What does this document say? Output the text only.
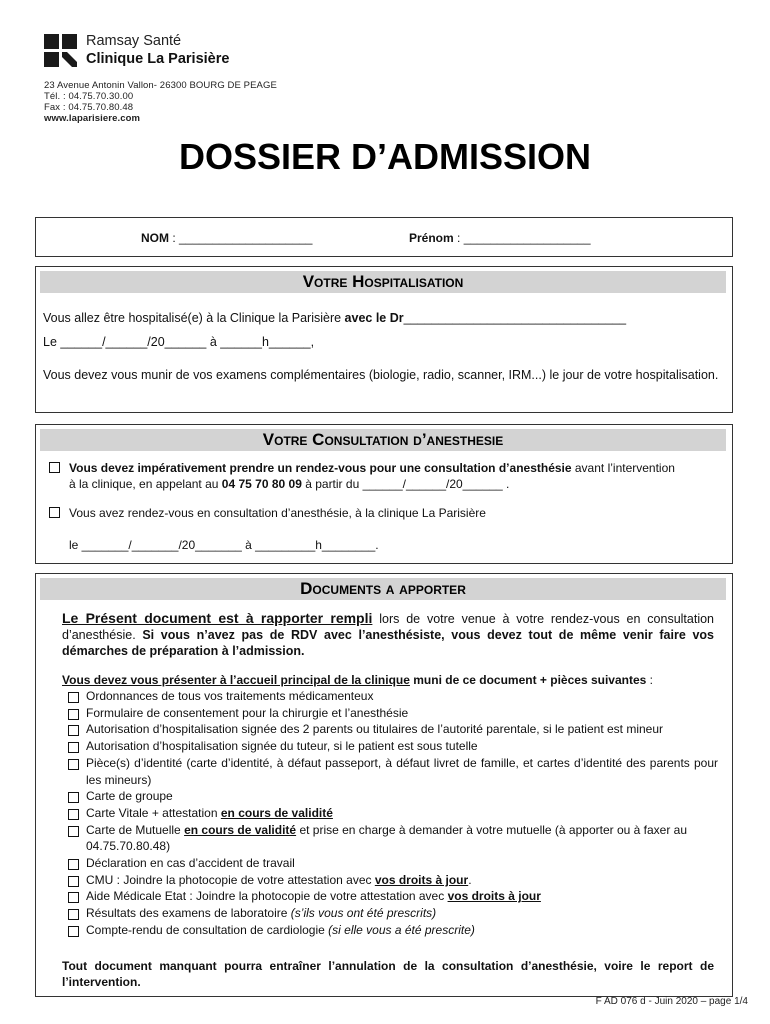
Ramsay Santé
Clinique La Parisière
23 Avenue Antonin Vallon- 26300 BOURG DE PEAGE
Tél. : 04.75.70.30.00
Fax : 04.75.70.80.48
www.laparisiere.com
DOSSIER D’ADMISSION
NOM : ____________________	Prénom : ___________________
Votre Hospitalisation
Vous allez être hospitalisé(e) à la Clinique la Parisière avec le Dr________________________________
Le ______/______/20______ à ______h______,
Vous devez vous munir de vos examens complémentaires (biologie, radio, scanner, IRM...) le jour de votre hospitalisation.
Votre Consultation d’anesthesie
Vous devez impérativement prendre un rendez-vous pour une consultation d’anesthésie avant l’intervention
à la clinique, en appelant au 04 75 70 80 09 à partir du ______/______/20______ .
Vous avez rendez-vous en consultation d’anesthésie, à la clinique La Parisière
le _______/_______/20_______ à _________h________.
Documents a apporter
Le Présent document est à rapporter rempli lors de votre venue à votre rendez-vous en consultation d’anesthésie. Si vous n’avez pas de RDV avec l’anesthésiste, vous devez tout de même venir faire vos démarches de préparation à l’admission.
Vous devez vous présenter à l’accueil principal de la clinique muni de ce document + pièces suivantes :
Ordonnances de tous vos traitements médicamenteux
Formulaire de consentement pour la chirurgie et l’anesthésie
Autorisation d’hospitalisation signée des 2 parents ou titulaires de l’autorité parentale, si le patient est mineur
Autorisation d’hospitalisation signée du tuteur, si le patient est sous tutelle
Pièce(s) d’identité (carte d’identité, à défaut passeport, à défaut livret de famille, et cartes d’identité des parents pour les mineurs)
Carte de groupe
Carte Vitale + attestation en cours de validité
Carte de Mutuelle en cours de validité et prise en charge à demander à votre mutuelle (à apporter ou à faxer au 04.75.70.80.48)
Déclaration en cas d’accident de travail
CMU : Joindre la photocopie de votre attestation avec vos droits à jour.
Aide Médicale Etat : Joindre la photocopie de votre attestation avec vos droits à jour
Résultats des examens de laboratoire (s’ils vous ont été prescrits)
Compte-rendu de consultation de cardiologie (si elle vous a été prescrite)
Tout document manquant pourra entraîner l’annulation de la consultation d’anesthésie, voire le report de l’intervention.
F AD 076 d - Juin 2020 – page 1/4
